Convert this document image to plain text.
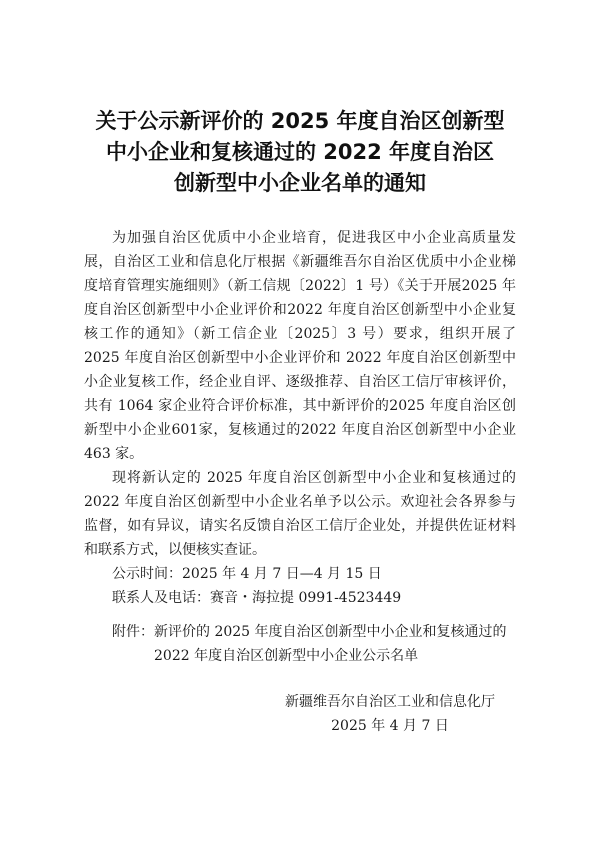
关于公示新评价的 2025 年度自治区创新型
中小企业和复核通过的 2022 年度自治区
创新型中小企业名单的通知

为加强自治区优质中小企业培育，促进我区中小企业高质量发展，自治区工业和信息化厅根据《新疆维吾尔自治区优质中小企业梯度培育管理实施细则》（新工信规〔2022〕1 号）《关于开展2025 年度自治区创新型中小企业评价和2022 年度自治区创新型中小企业复核工作的通知》（新工信企业〔2025〕3 号）要求，组织开展了 2025 年度自治区创新型中小企业评价和 2022 年度自治区创新型中小企业复核工作，经企业自评、逐级推荐、自治区工信厅审核评价，共有 1064 家企业符合评价标准，其中新评价的2025 年度自治区创新型中小企业601家，复核通过的2022 年度自治区创新型中小企业 463 家。

现将新认定的 2025 年度自治区创新型中小企业和复核通过的 2022 年度自治区创新型中小企业名单予以公示。欢迎社会各界参与监督，如有异议，请实名反馈自治区工信厅企业处，并提供佐证材料和联系方式，以便核实查证。

公示时间：2025 年 4 月 7 日—4 月 15 日
联系人及电话：赛音・海拉提 0991-4523449
附件： 新评价的 2025 年度自治区创新型中小企业和复核通过的 2022 年度自治区创新型中小企业公示名单
新疆维吾尔自治区工业和信息化厅
2025 年 4 月 7 日
